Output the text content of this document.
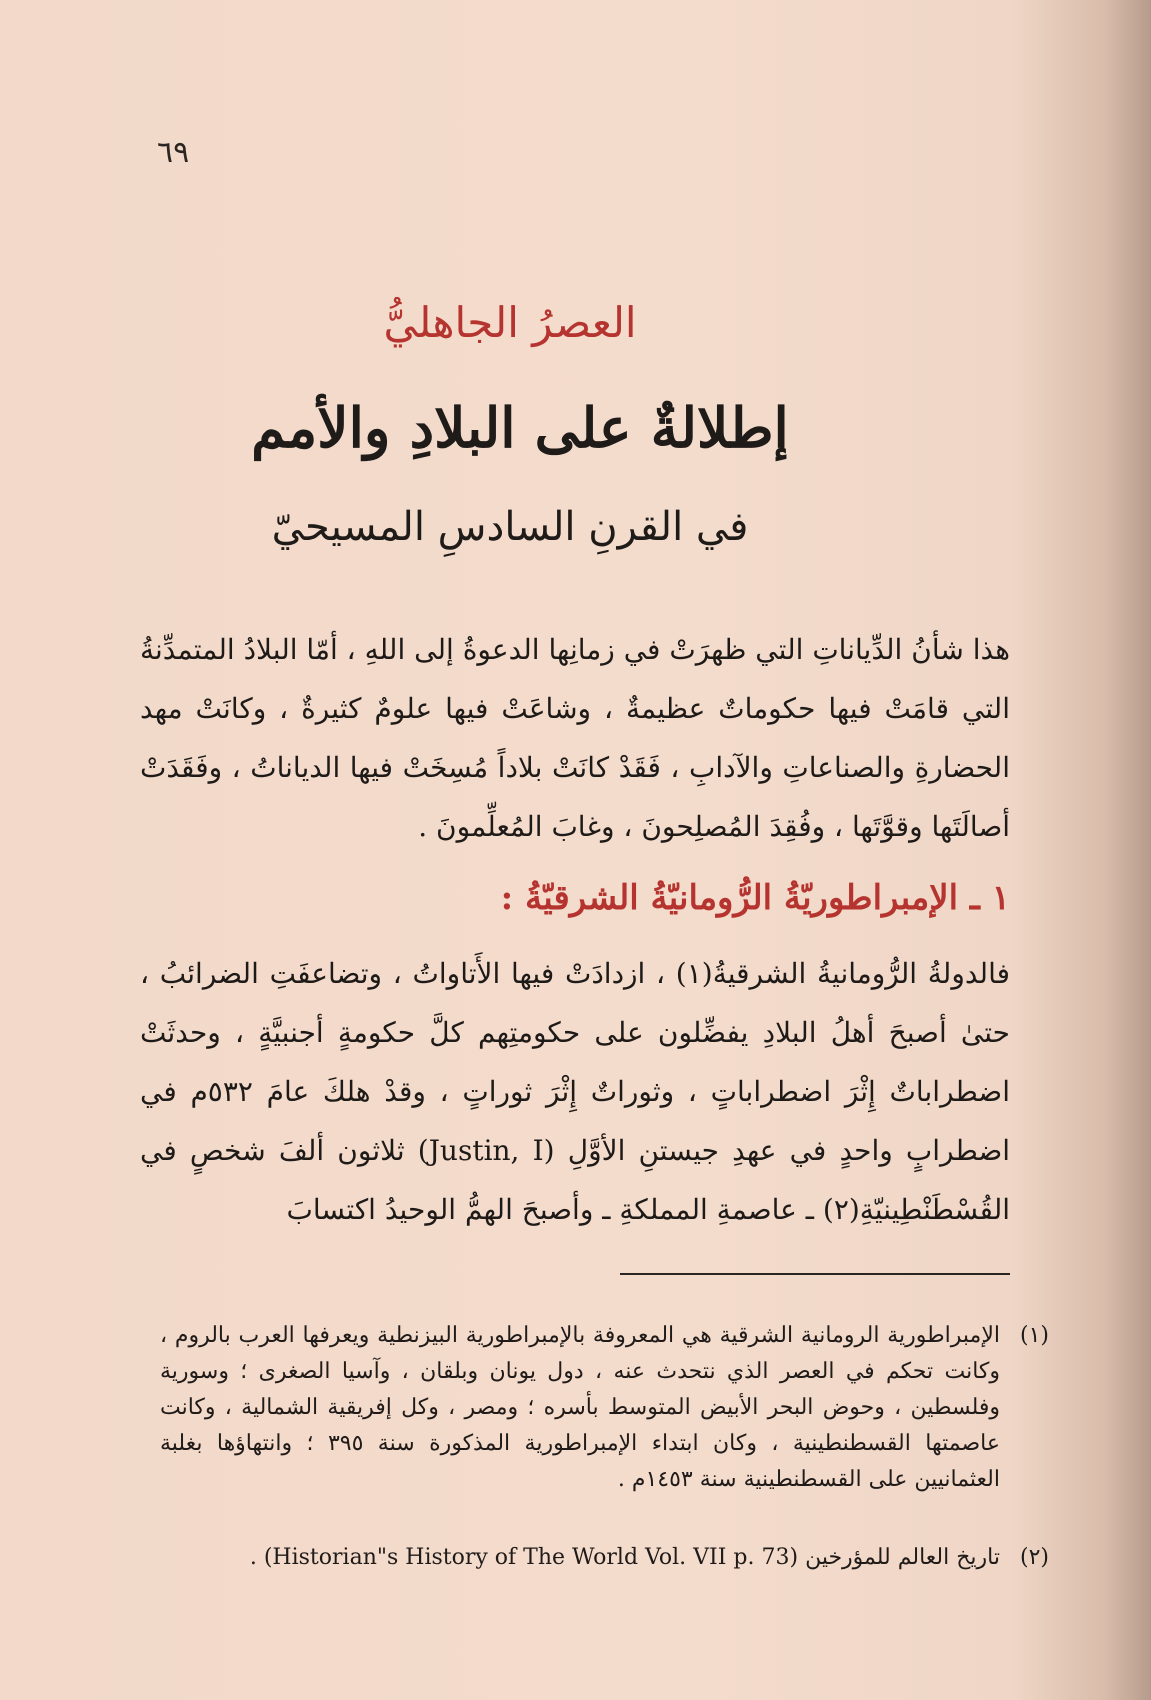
٦٩
العصرُ الجاهليُّ
إطلالةٌ على البلادِ والأمم
في القرنِ السادسِ المسيحيّ
هذا شأنُ الدِّياناتِ التي ظهرَتْ في زمانِها الدعوةُ إلى اللهِ ، أمّا البلادُ المتمدِّنةُ التي قامَتْ فيها حكوماتٌ عظيمةٌ ، وشاعَتْ فيها علومٌ كثيرةٌ ، وكانَتْ مهد الحضارةِ والصناعاتِ والآدابِ ، فَقَدْ كانَتْ بلاداً مُسِخَتْ فيها الدياناتُ ، وفَقَدَتْ أصالَتَها وقوَّتَها ، وفُقِدَ المُصلِحونَ ، وغابَ المُعلِّمونَ .
١ ـ الإمبراطوريّةُ الرُّومانيّةُ الشرقيّةُ :
فالدولةُ الرُّومانيةُ الشرقيةُ(١) ، ازدادَتْ فيها الأَتاواتُ ، وتضاعفَتِ الضرائبُ ، حتىٰ أصبحَ أهلُ البلادِ يفضِّلون على حكومتِهم كلَّ حكومةٍ أجنبيَّةٍ ، وحدثَتْ اضطراباتٌ إِثْرَ اضطراباتٍ ، وثوراتٌ إِثْرَ ثوراتٍ ، وقدْ هلكَ عامَ ٥٣٢م في اضطرابٍ واحدٍ في عهدِ جيستنِ الأوَّلِ (Justin, I) ثلاثون ألفَ شخصٍ في القُسْطَنْطِينيّةِ(٢) ـ عاصمةِ المملكةِ ـ وأصبحَ الهمُّ الوحيدُ اكتسابَ
(١)
الإمبراطورية الرومانية الشرقية هي المعروفة بالإمبراطورية البيزنطية ويعرفها العرب بالروم ، وكانت تحكم في العصر الذي نتحدث عنه ، دول يونان وبلقان ، وآسيا الصغرى ؛ وسورية وفلسطين ، وحوض البحر الأبيض المتوسط بأسره ؛ ومصر ، وكل إفريقية الشمالية ، وكانت عاصمتها القسطنطينية ، وكان ابتداء الإمبراطورية المذكورة سنة ٣٩٥ ؛ وانتهاؤها بغلبة العثمانيين على القسطنطينية سنة ١٤٥٣م .
(٢)
تاريخ العالم للمؤرخين (Historian"s History of The World Vol. VII p. 73) .
